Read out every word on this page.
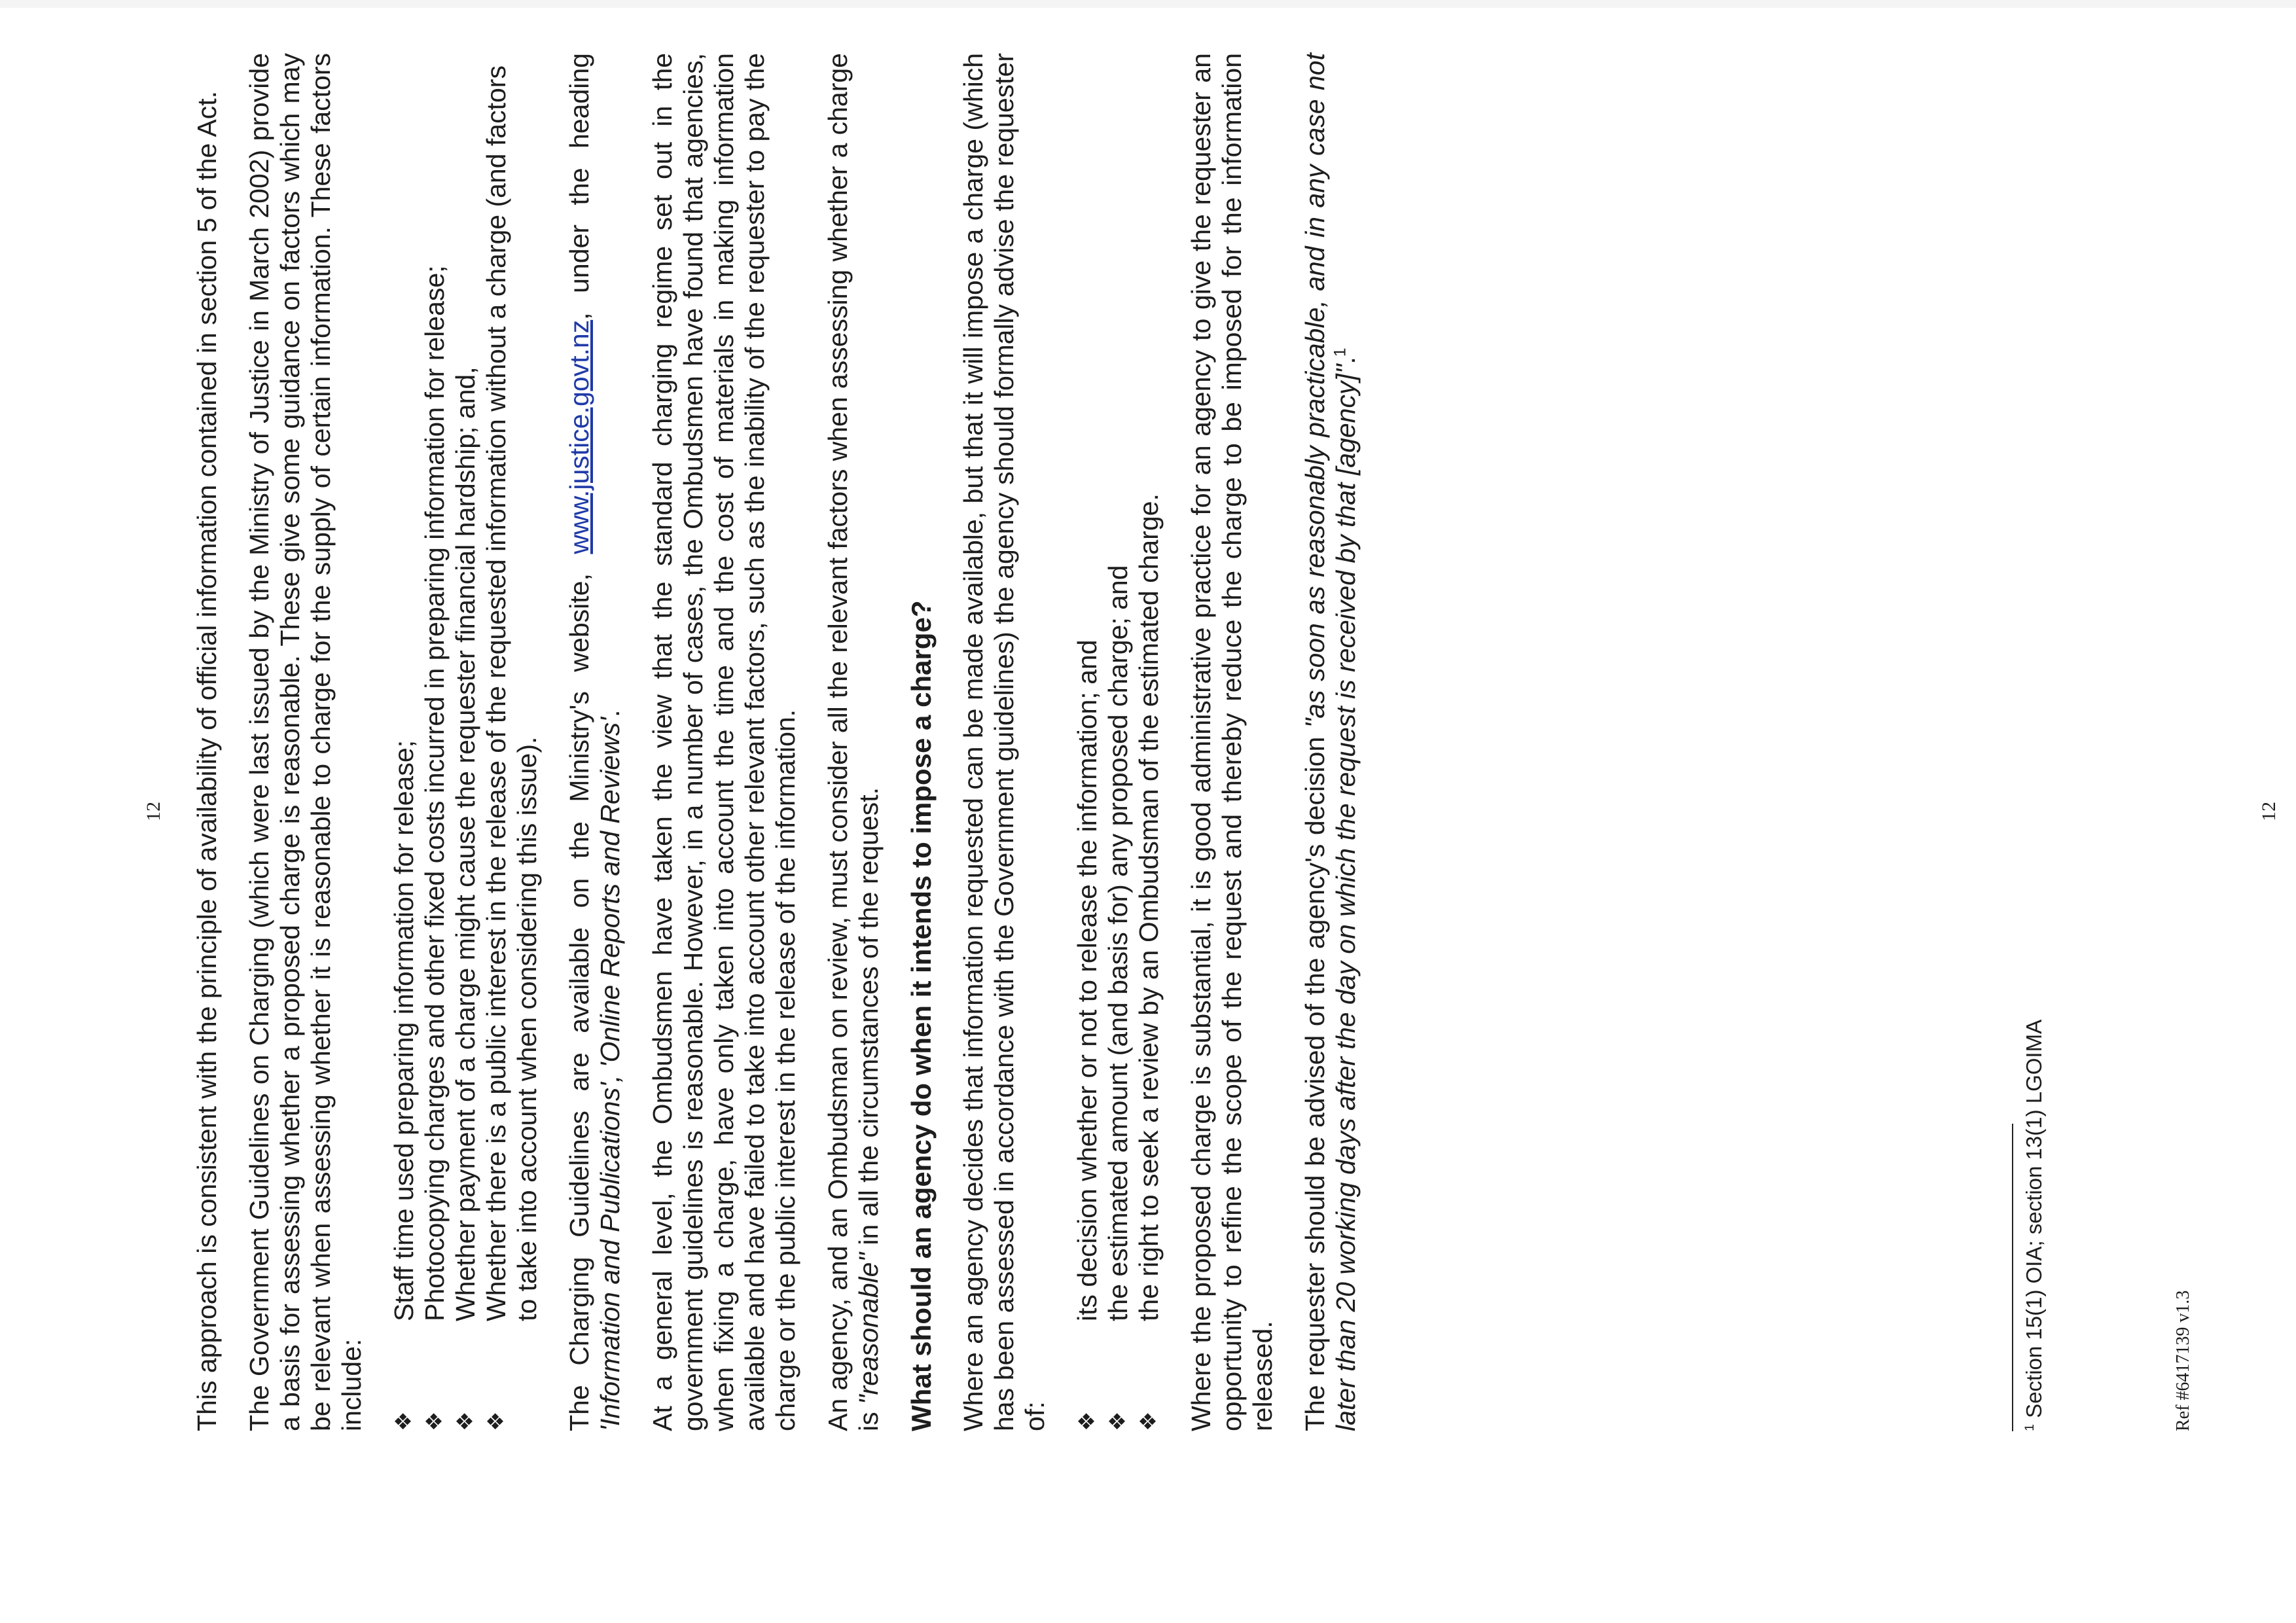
12 This approach is consistent with the principle of availability of official information contained in section 5 of the Act. The Government Guidelines on Charging (which were last issued by the Ministry of Justice in March 2002) provide a basis for assessing whether a proposed charge is reasonable. These give some guidance on factors which may be relevant when assessing whether it is reasonable to charge for the supply of certain information. These factors include: ❖
Staff time used preparing information for release;
❖
Photocopying charges and other fixed costs incurred in preparing information for release;
❖
Whether payment of a charge might cause the requester financial hardship; and,
❖
Whether there is a public interest in the release of the requested information without a charge (and factors to take into account when considering this issue). The Charging Guidelines are available on the Ministry's website, www.justice.govt.nz, under the heading 'Information and Publications', 'Online Reports and Reviews'. At a general level, the Ombudsmen have taken the view that the standard charging regime set out in the government guidelines is reasonable. However, in a number of cases, the Ombudsmen have found that agencies, when fixing a charge, have only taken into account the time and the cost of materials in making information available and have failed to take into account other relevant factors, such as the inability of the requester to pay the charge or the public interest in the release of the information. An agency, and an Ombudsman on review, must consider all the relevant factors when assessing whether a charge is "reasonable" in all the circumstances of the request. What should an agency do when it intends to impose a charge? Where an agency decides that information requested can be made available, but that it will impose a charge (which has been assessed in accordance with the Government guidelines) the agency should formally advise the requester of: ❖
its decision whether or not to release the information; and
❖
the estimated amount (and basis for) any proposed charge; and
❖
the right to seek a review by an Ombudsman of the estimated charge. Where the proposed charge is substantial, it is good administrative practice for an agency to give the requester an opportunity to refine the scope of the request and thereby reduce the charge to be imposed for the information released. The requester should be advised of the agency's decision "as soon as reasonably practicable, and in any case not later than 20 working days after the day on which the request is received by that [agency]".$^1$

$^1$ Section 15(1) OIA; section 13(1) LGOIMA	Ref #6417139 v1.3
12
